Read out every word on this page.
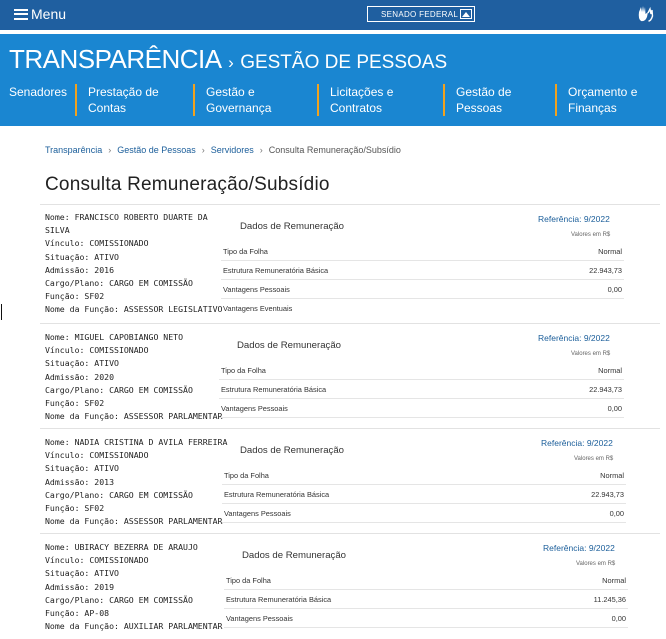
Menu	SENADO FEDERAL
TRANSPARÊNCIA › GESTÃO DE PESSOAS
Senadores	Prestação de
Contas
Gestão e
Governança
Licitações e
Contratos
Gestão de
Pessoas
Orçamento e
Finanças
Transparência › Gestão de Pessoas › Servidores › Consulta Remuneração/Subsídio
Consulta Remuneração/Subsídio
Nome: FRANCISCO ROBERTO DUARTE DA SILVA
Vínculo: COMISSIONADO
Situação: ATIVO
Admissão: 2016
Cargo/Plano: CARGO EM COMISSÃO
Função: SF02
Nome da Função: ASSESSOR LEGISLATIVO
Dados de Remuneração
Referência: 9/2022
Valores em R$
Tipo da Folha	Normal
Estrutura Remuneratória Básica	22.943,73
Vantagens Pessoais	0,00
Vantagens Eventuais
Nome: MIGUEL CAPOBIANGO NETO
Vínculo: COMISSIONADO
Situação: ATIVO
Admissão: 2020
Cargo/Plano: CARGO EM COMISSÃO
Função: SF02
Nome da Função: ASSESSOR PARLAMENTAR
Dados de Remuneração
Referência: 9/2022
Valores em R$
Tipo da Folha	Normal
Estrutura Remuneratória Básica	22.943,73
Vantagens Pessoais	0,00
Nome: NADIA CRISTINA D AVILA FERREIRA
Vínculo: COMISSIONADO
Situação: ATIVO
Admissão: 2013
Cargo/Plano: CARGO EM COMISSÃO
Função: SF02
Nome da Função: ASSESSOR PARLAMENTAR
Dados de Remuneração
Referência: 9/2022
Valores em R$
Tipo da Folha	Normal
Estrutura Remuneratória Básica	22.943,73
Vantagens Pessoais	0,00
Nome: UBIRACY BEZERRA DE ARAUJO
Vínculo: COMISSIONADO
Situação: ATIVO
Admissão: 2019
Cargo/Plano: CARGO EM COMISSÃO
Função: AP-08
Nome da Função: AUXILIAR PARLAMENTAR
Dados de Remuneração
Referência: 9/2022
Valores em R$
Tipo da Folha	Normal
Estrutura Remuneratória Básica	11.245,36
Vantagens Pessoais	0,00
